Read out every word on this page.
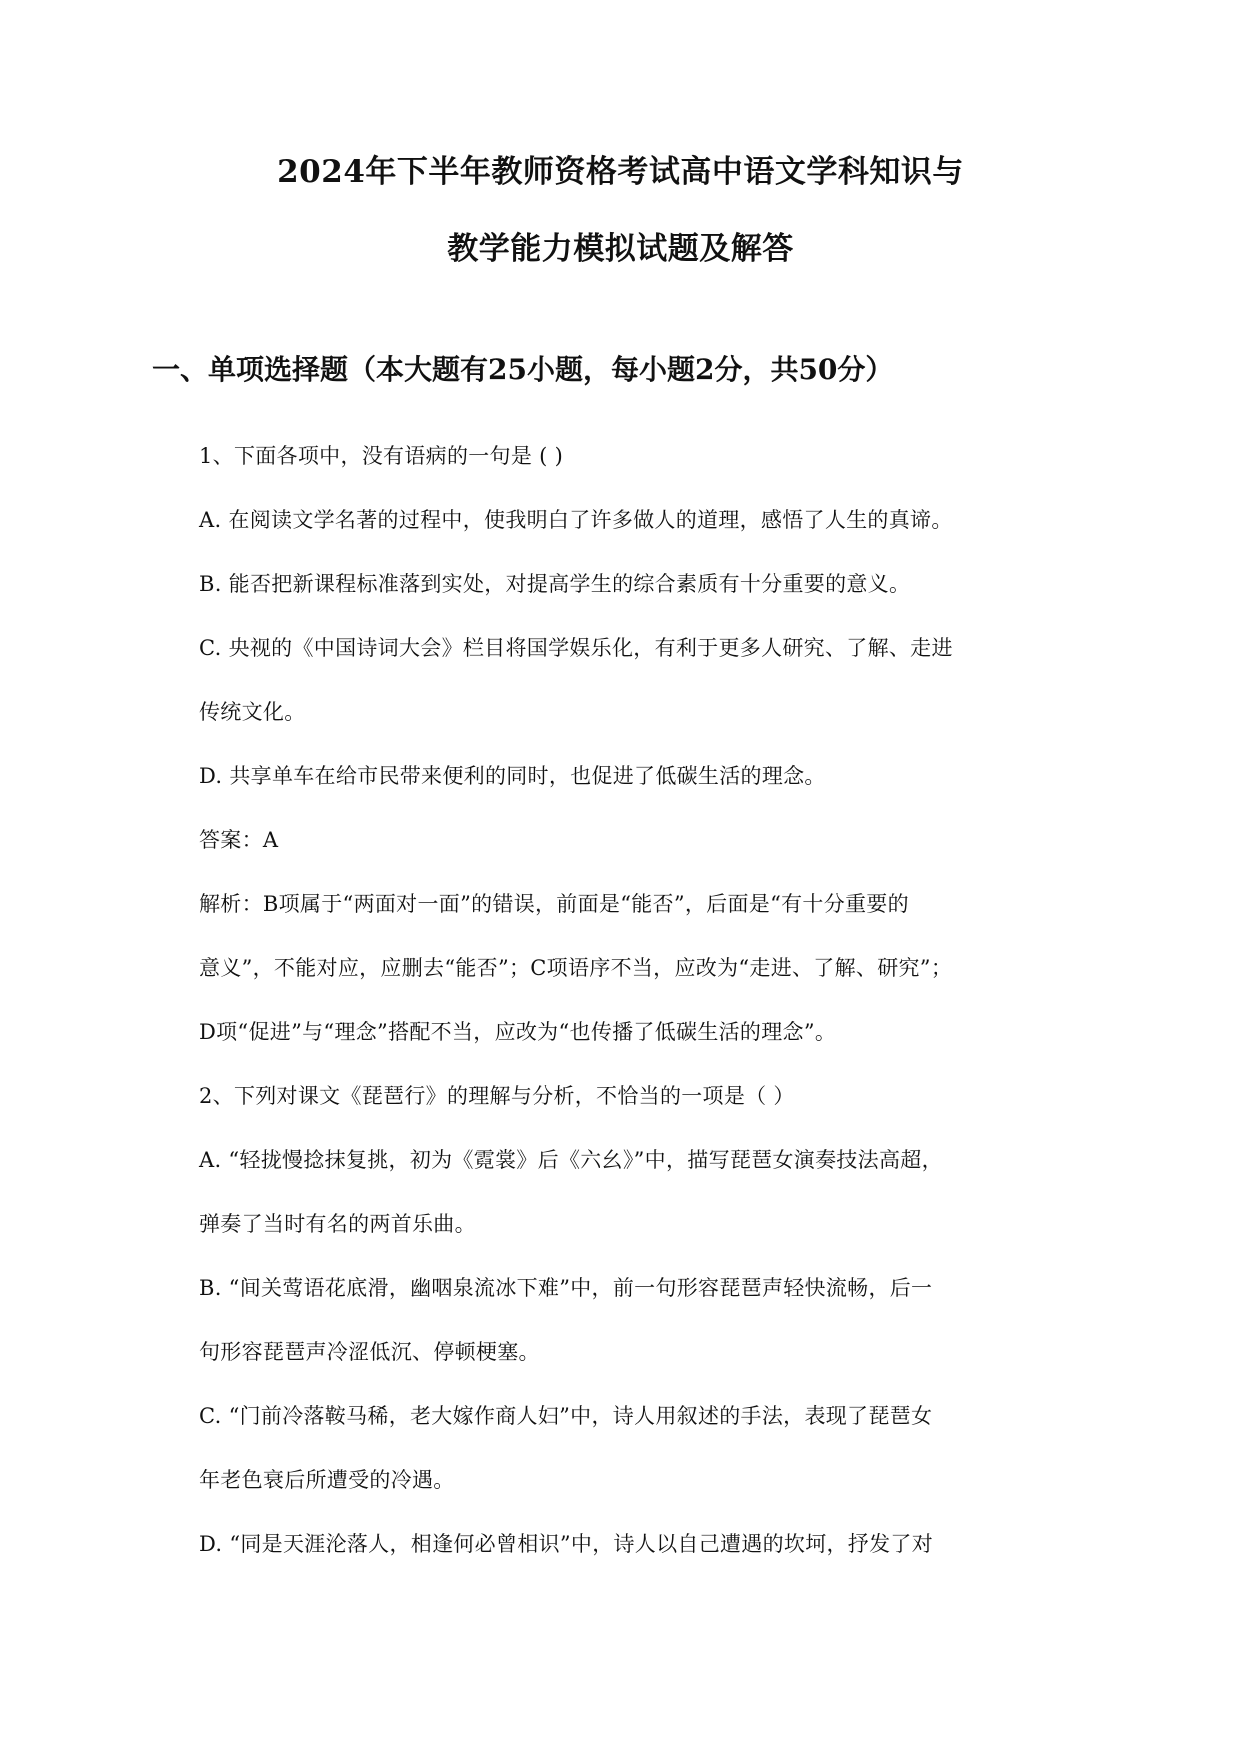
2024年下半年教师资格考试高中语文学科知识与
教学能力模拟试题及解答
一、单项选择题（本大题有25小题，每小题2分，共50分）
1、下面各项中，没有语病的一句是 ( )
A. 在阅读文学名著的过程中，使我明白了许多做人的道理，感悟了人生的真谛。
B. 能否把新课程标准落到实处，对提高学生的综合素质有十分重要的意义。
C. 央视的《中国诗词大会》栏目将国学娱乐化，有利于更多人研究、了解、走进
传统文化。
D. 共享单车在给市民带来便利的同时，也促进了低碳生活的理念。
答案：A
解析：B项属于“两面对一面”的错误，前面是“能否”，后面是“有十分重要的
意义”，不能对应，应删去“能否”；C项语序不当，应改为“走进、了解、研究”；
D项“促进”与“理念”搭配不当，应改为“也传播了低碳生活的理念”。
2、下列对课文《琵琶行》的理解与分析，不恰当的一项是（ ）
A. “轻拢慢捻抹复挑，初为《霓裳》后《六幺》”中，描写琵琶女演奏技法高超，
弹奏了当时有名的两首乐曲。
B. “间关莺语花底滑，幽咽泉流冰下难”中，前一句形容琵琶声轻快流畅，后一
句形容琵琶声冷涩低沉、停顿梗塞。
C. “门前冷落鞍马稀，老大嫁作商人妇”中，诗人用叙述的手法，表现了琵琶女
年老色衰后所遭受的冷遇。
D. “同是天涯沦落人，相逢何必曾相识”中，诗人以自己遭遇的坎坷，抒发了对
